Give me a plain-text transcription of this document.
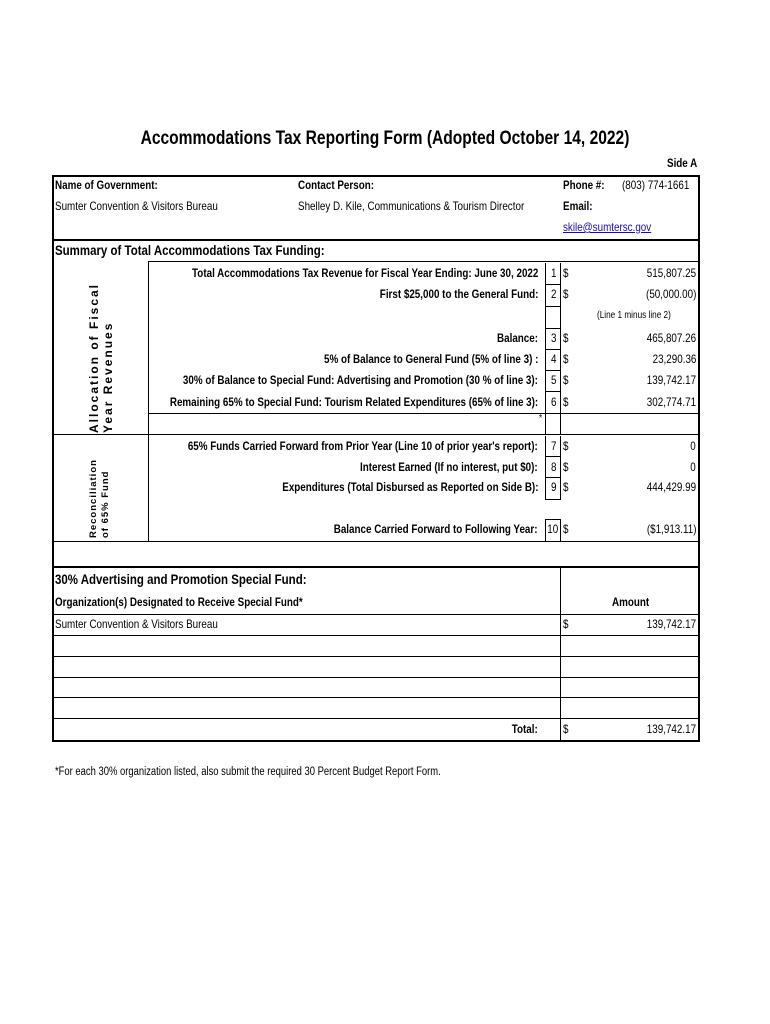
Accommodations Tax Reporting Form (Adopted October 14, 2022)
Side A
Name of Government:
Sumter Convention & Visitors Bureau
Contact Person:
Shelley D. Kile, Communications & Tourism Director
Phone #: (803) 774-1661
Email:
skile@sumtersc.gov
Summary of Total Accommodations Tax Funding:
Allocation of Fiscal Year Revenues
Reconciliation of 65% Fund
Total Accommodations Tax Revenue for Fiscal Year Ending: June 30, 2022 1 $	515,807.25
First $25,000 to the General Fund: 2 $	(50,000.00)
(Line 1 minus line 2)
Balance: 3 $	465,807.26
5% of Balance to General Fund (5% of line 3) : 4 $	23,290.36
30% of Balance to Special Fund: Advertising and Promotion (30 % of line 3): 5 $	139,742.17
Remaining 65% to Special Fund: Tourism Related Expenditures (65% of line 3): 6 $	302,774.71
*
65% Funds Carried Forward from Prior Year (Line 10 of prior year's report): 7 $	0
Interest Earned (If no interest, put $0): 8 $	0
Expenditures (Total Disbursed as Reported on Side B): 9 $	444,429.99
Balance Carried Forward to Following Year: 10 $	($1,913.11)
30% Advertising and Promotion Special Fund:
Organization(s) Designated to Receive Special Fund*	Amount
Sumter Convention & Visitors Bureau	$	139,742.17
Total: $	139,742.17
*For each 30% organization listed, also submit the required 30 Percent Budget Report Form.
